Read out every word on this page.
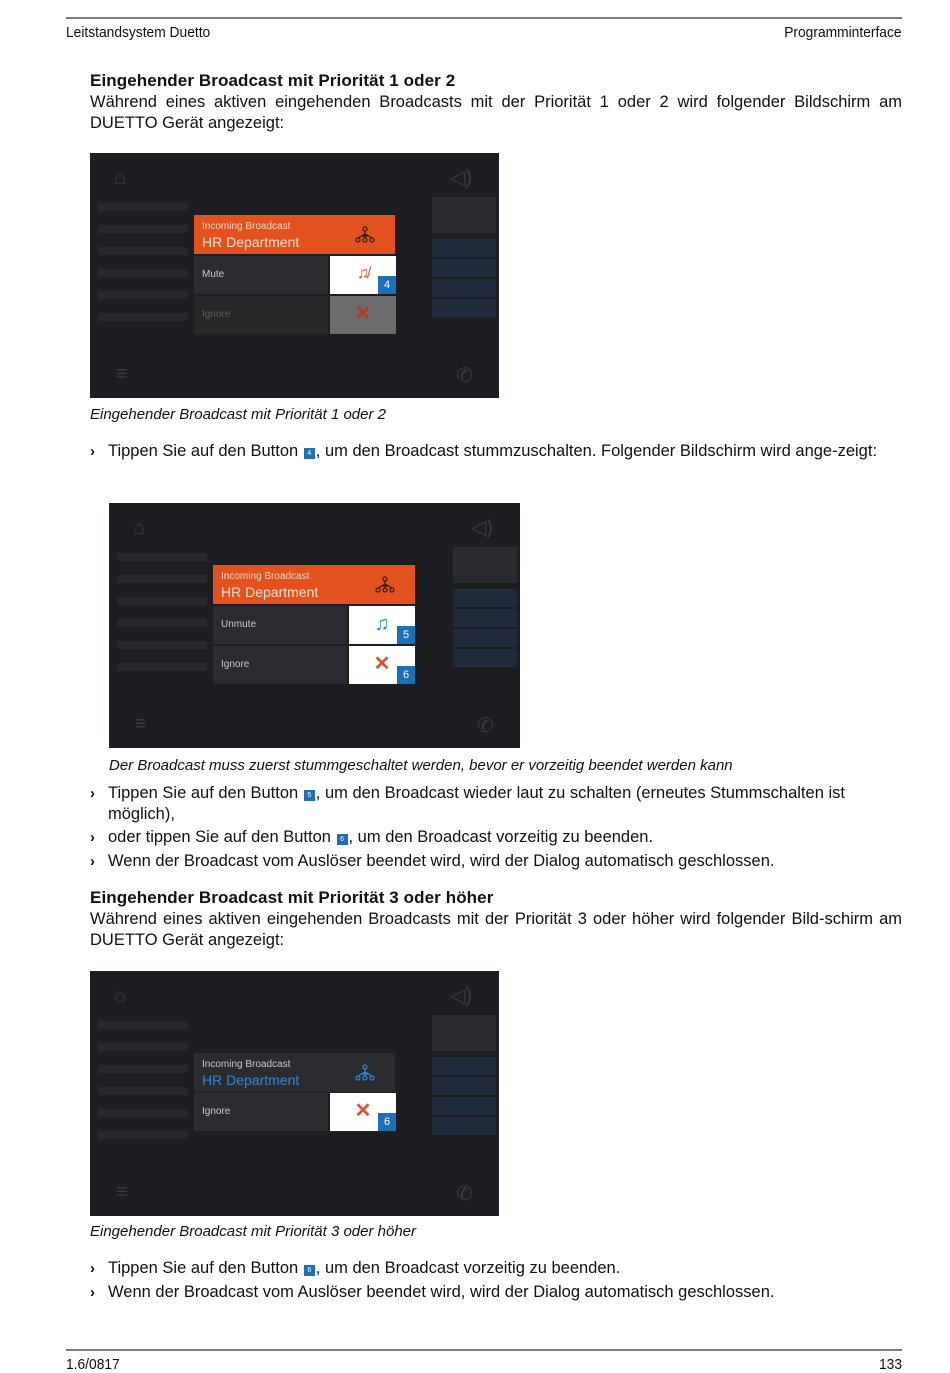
Leitstandsystem Duetto	Programminterface
Eingehender Broadcast mit Priorität 1 oder 2
Während eines aktiven eingehenden Broadcasts mit der Priorität 1 oder 2 wird folgender Bildschirm am DUETTO Gerät angezeigt:
⌂	◁)
≡	✆
Incoming Broadcast
HR Department
Mute	♫̸
4
Ignore	✕
Eingehender Broadcast mit Priorität 1 oder 2
› Tippen Sie auf den Button 4 , um den Broadcast stummzuschalten. Folgender Bildschirm wird ange-zeigt:
⌂	◁)
≡	✆
Incoming Broadcast
HR Department
Unmute	♫	5
Ignore	✕	6
Der Broadcast muss zuerst stummgeschaltet werden, bevor er vorzeitig beendet werden kann
› Tippen Sie auf den Button 5 , um den Broadcast wieder laut zu schalten (erneutes Stummschalten ist möglich),
› oder tippen Sie auf den Button 6 , um den Broadcast vorzeitig zu beenden.
› Wenn der Broadcast vom Auslöser beendet wird, wird der Dialog automatisch geschlossen.
Eingehender Broadcast mit Priorität 3 oder höher
Während eines aktiven eingehenden Broadcasts mit der Priorität 3 oder höher wird folgender Bild-schirm am DUETTO Gerät angezeigt:
⌂	◁)
≡	✆
Incoming Broadcast
HR Department
Ignore	✕	6
Eingehender Broadcast mit Priorität 3 oder höher
› Tippen Sie auf den Button 6 , um den Broadcast vorzeitig zu beenden.
› Wenn der Broadcast vom Auslöser beendet wird, wird der Dialog automatisch geschlossen.
1.6/0817	133
